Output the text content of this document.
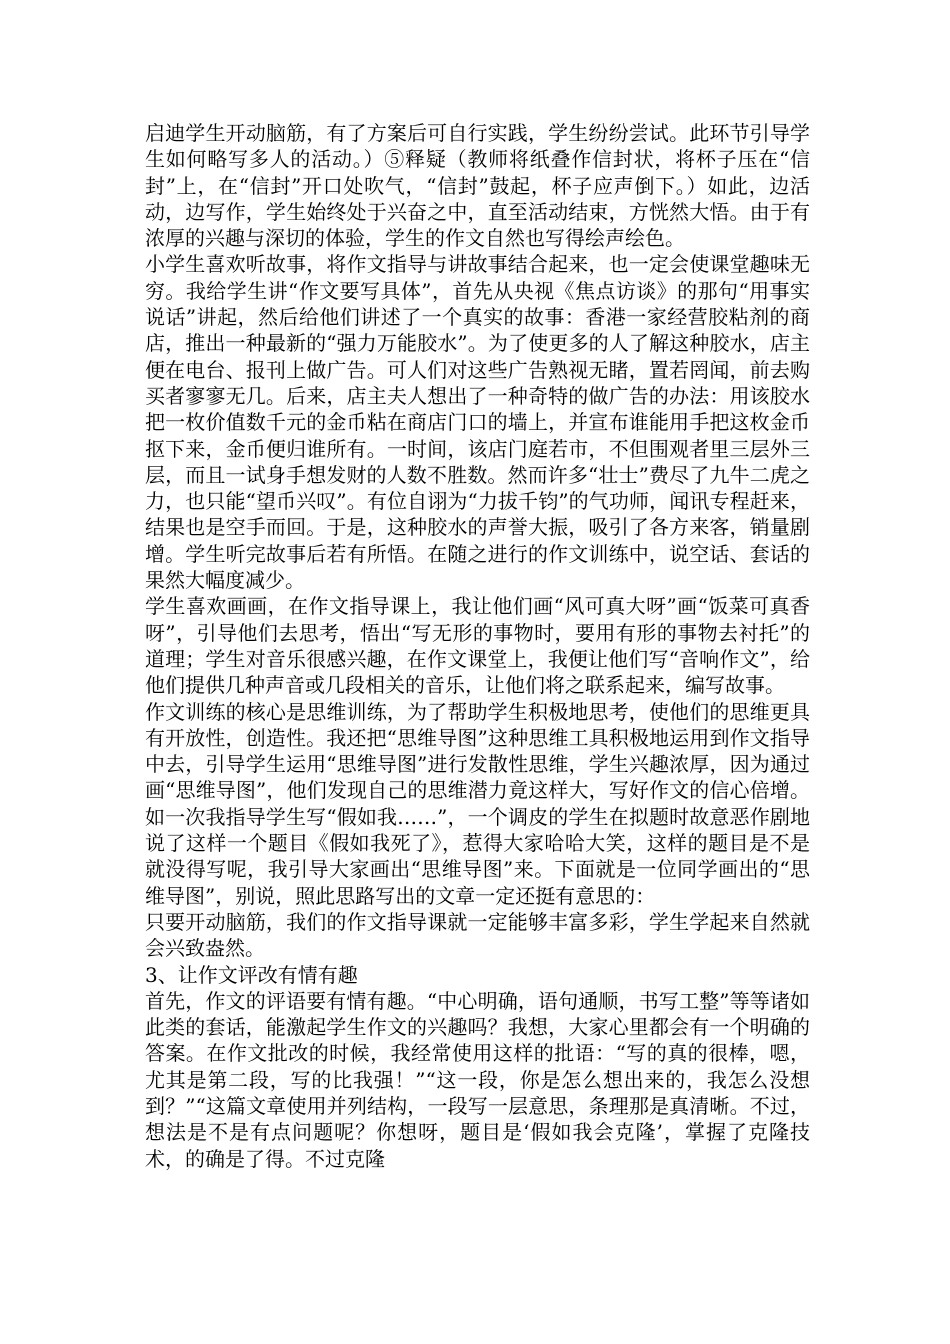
启迪学生开动脑筋，有了方案后可自行实践，学生纷纷尝试。此环节引导学生如何略写多人的活动。）⑤释疑（教师将纸叠作信封状，将杯子压在“信封”上，在“信封”开口处吹气，“信封”鼓起，杯子应声倒下。）如此，边活动，边写作，学生始终处于兴奋之中，直至活动结束，方恍然大悟。由于有浓厚的兴趣与深切的体验，学生的作文自然也写得绘声绘色。

小学生喜欢听故事，将作文指导与讲故事结合起来，也一定会使课堂趣味无穷。我给学生讲“作文要写具体”，首先从央视《焦点访谈》的那句“用事实说话”讲起，然后给他们讲述了一个真实的故事：香港一家经营胶粘剂的商店，推出一种最新的“强力万能胶水”。为了使更多的人了解这种胶水，店主便在电台、报刊上做广告。可人们对这些广告熟视无睹，置若罔闻，前去购买者寥寥无几。后来，店主夫人想出了一种奇特的做广告的办法：用该胶水把一枚价值数千元的金币粘在商店门口的墙上，并宣布谁能用手把这枚金币抠下来，金币便归谁所有。一时间，该店门庭若市，不但围观者里三层外三层，而且一试身手想发财的人数不胜数。然而许多“壮士”费尽了九牛二虎之力，也只能“望币兴叹”。有位自诩为“力拔千钧”的气功师，闻讯专程赶来，结果也是空手而回。于是，这种胶水的声誉大振，吸引了各方来客，销量剧增。学生听完故事后若有所悟。在随之进行的作文训练中，说空话、套话的果然大幅度减少。

学生喜欢画画，在作文指导课上，我让他们画“风可真大呀”画“饭菜可真香呀”，引导他们去思考，悟出“写无形的事物时，要用有形的事物去衬托”的道理；学生对音乐很感兴趣，在作文课堂上，我便让他们写“音响作文”，给他们提供几种声音或几段相关的音乐，让他们将之联系起来，编写故事。

作文训练的核心是思维训练，为了帮助学生积极地思考，使他们的思维更具有开放性，创造性。我还把“思维导图”这种思维工具积极地运用到作文指导中去，引导学生运用“思维导图”进行发散性思维，学生兴趣浓厚，因为通过画“思维导图”，他们发现自己的思维潜力竟这样大，写好作文的信心倍增。如一次我指导学生写“假如我……”，一个调皮的学生在拟题时故意恶作剧地说了这样一个题目《假如我死了》，惹得大家哈哈大笑，这样的题目是不是就没得写呢，我引导大家画出“思维导图”来。下面就是一位同学画出的“思维导图”，别说，照此思路写出的文章一定还挺有意思的：

只要开动脑筋，我们的作文指导课就一定能够丰富多彩，学生学起来自然就会兴致盎然。

3、让作文评改有情有趣

首先，作文的评语要有情有趣。“中心明确，语句通顺，书写工整”等等诸如此类的套话，能激起学生作文的兴趣吗？我想，大家心里都会有一个明确的答案。在作文批改的时候，我经常使用这样的批语：“写的真的很棒，嗯，尤其是第二段，写的比我强！”“这一段，你是怎么想出来的，我怎么没想到？”“这篇文章使用并列结构，一段写一层意思，条理那是真清晰。不过，想法是不是有点问题呢？你想呀，题目是‘假如我会克隆’，掌握了克隆技术，的确是了得。不过克隆
